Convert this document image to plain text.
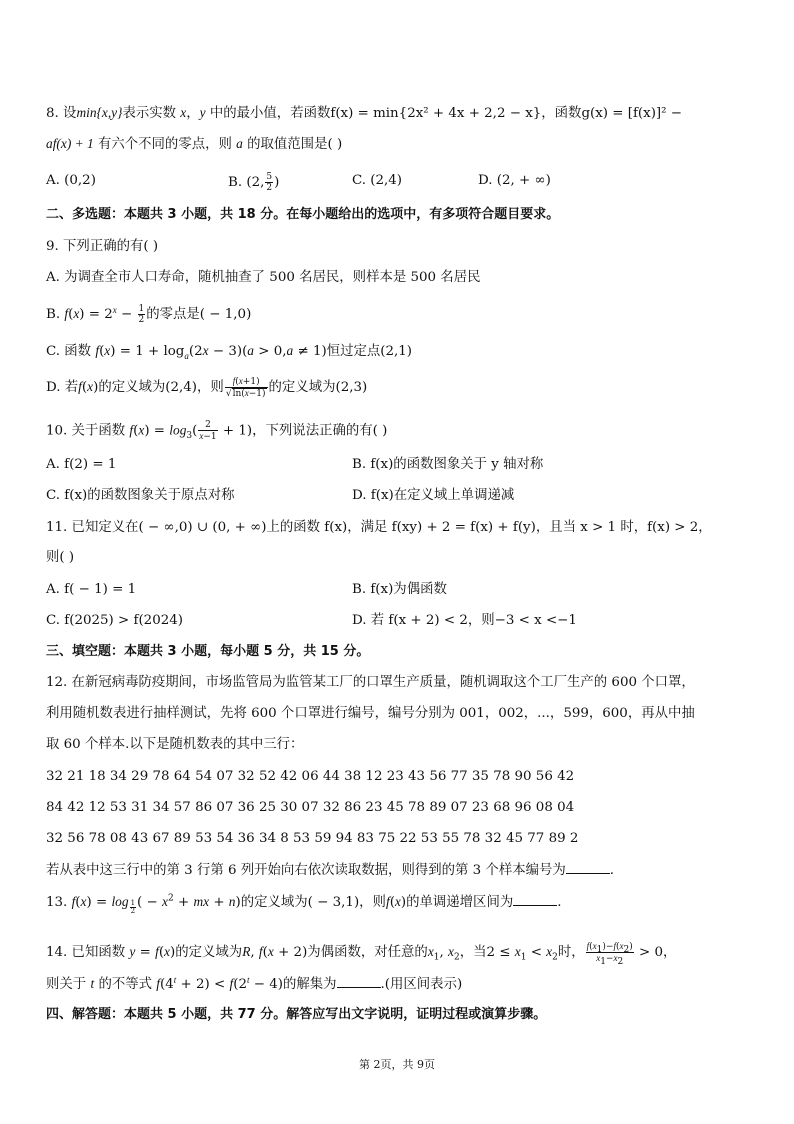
8. 设min{x,y}表示实数 x，y 中的最小值，若函数f(x) = min{2x² + 4x + 2,2 − x}，函数g(x) = [f(x)]² −
af(x) + 1 有六个不同的零点，则 a 的取值范围是( )
A. (0,2)	B. (2, $\frac{5}{2}$ )	C. (2,4)	D. (2, + ∞)
二、多选题：本题共 3 小题，共 18 分。在每小题给出的选项中，有多项符合题目要求。
9. 下列正确的有( )
A. 为调查全市人口寿命，随机抽查了 500 名居民，则样本是 500 名居民
B. $f(x) = 2^x - \frac{1}{2}$ 的零点是( − 1,0)
C. 函数 $f(x) = 1 + \log_a(2x - 3)(a > 0,a \ne 1)$恒过定点(2,1)
D. 若f(x)的定义域为(2,4)，则 $\frac{f(x+1)}{√\ln(x-1)}$ 的定义域为(2,3)
10. 关于函数 $f(x) = \log_3( \frac{2}{x-1} + 1)$，下列说法正确的有( )
A. f(2) = 1	B. f(x)的函数图象关于 y 轴对称
C. f(x)的函数图象关于原点对称	D. f(x)在定义域上单调递减
11. 已知定义在( − ∞,0) ∪ (0, + ∞)上的函数 f(x)，满足 f(xy) + 2 = f(x) + f(y)，且当 x > 1 时，f(x) > 2，
则( )
A. f( − 1) = 1	B. f(x)为偶函数
C. f(2025) > f(2024)	D. 若 f(x + 2) < 2，则−3 < x <−1
三、填空题：本题共 3 小题，每小题 5 分，共 15 分。
12. 在新冠病毒防疫期间，市场监管局为监管某工厂的口罩生产质量，随机调取这个工厂生产的 600 个口罩，
利用随机数表进行抽样测试，先将 600 个口罩进行编号，编号分别为 001，002，...，599，600，再从中抽
取 60 个样本.以下是随机数表的其中三行：
32 21 18 34 29 78 64 54 07 32 52 42 06 44 38 12 23 43 56 77 35 78 90 56 42
84 42 12 53 31 34 57 86 07 36 25 30 07 32 86 23 45 78 89 07 23 68 96 08 04
32 56 78 08 43 67 89 53 54 36 34 8 53 59 94 83 75 22 53 55 78 32 45 77 89 2
若从表中这三行中的第 3 行第 6 列开始向右依次读取数据，则得到的第 3 个样本编号为	.
13. f(x) = log $_{\frac{1}{2}}$ ( − $x^2$ + mx + n)的定义域为( − 3,1)，则f(x)的单调递增区间为	.
14. 已知函数 y = f(x)的定义域为R, f(x + 2)为偶函数，对任意的$x_1$, $x_2$，当$2 \le x_1 < x_2$时， $\frac{f(x_1)-f(x_2)}{x_1-x_2} > 0$，
则关于 t 的不等式 $f(4^t + 2) < f(2^t - 4)$的解集为	.(用区间表示)
四、解答题：本题共 5 小题，共 77 分。解答应写出文字说明，证明过程或演算步骤。
第 2页，共 9页
